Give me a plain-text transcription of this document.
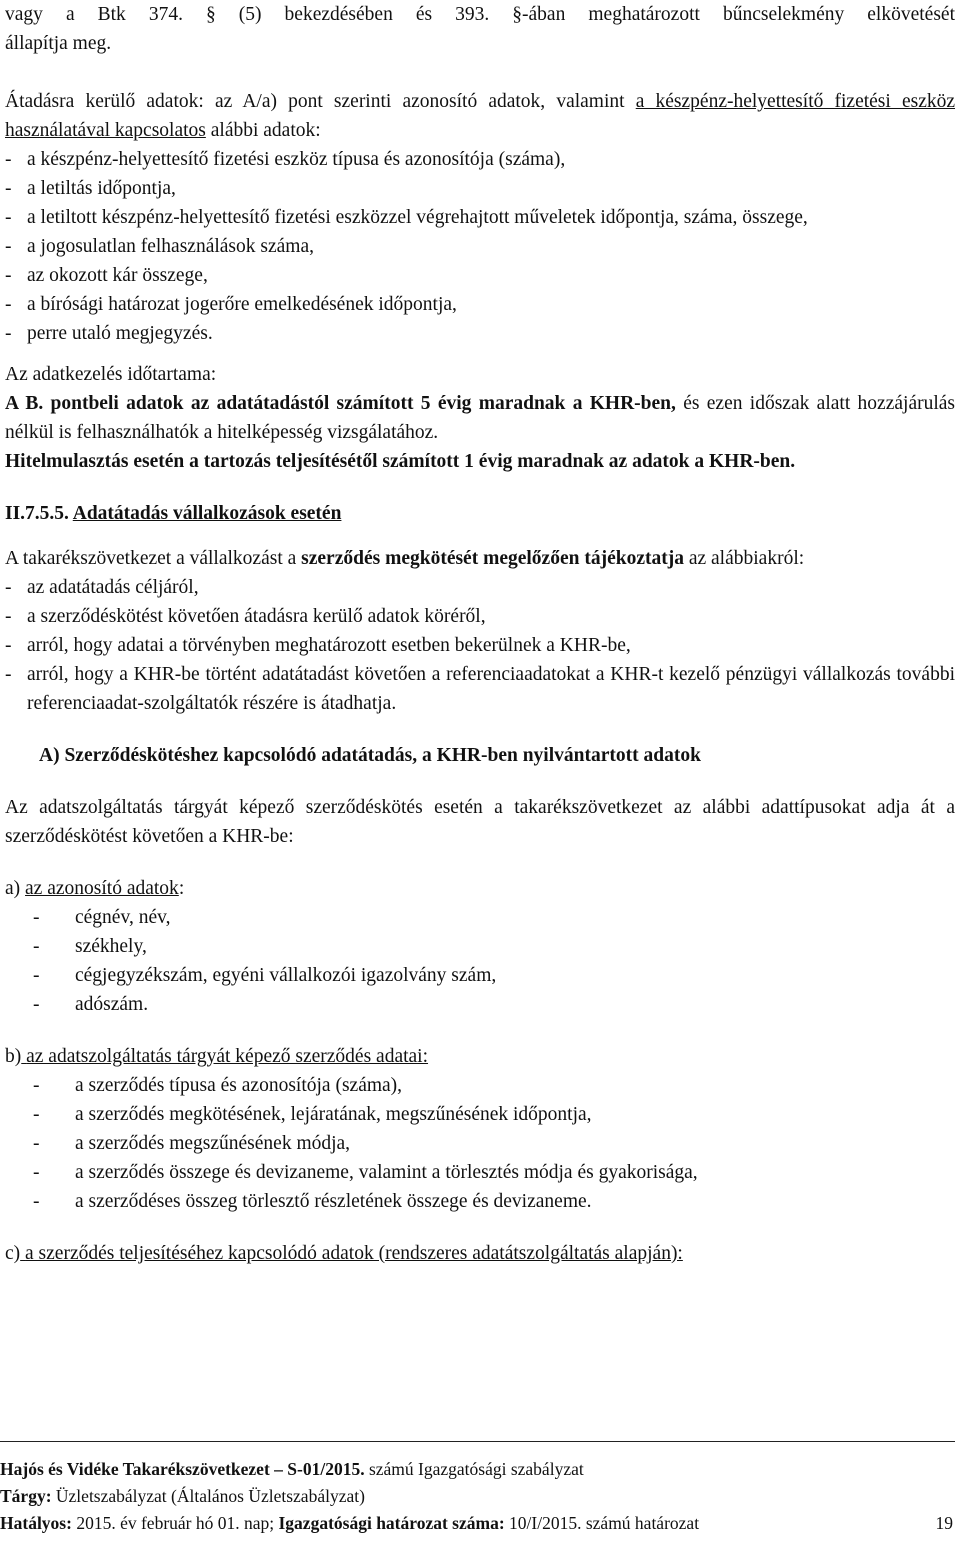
vagy a Btk 374. § (5) bekezdésében és 393. §-ában meghatározott bűncselekmény elkövetését

állapítja meg.

Átadásra kerülő adatok: az A/a) pont szerinti azonosító adatok, valamint a készpénz-helyettesítő fizetési eszköz használatával kapcsolatos alábbi adatok:

- a készpénz-helyettesítő fizetési eszköz típusa és azonosítója (száma),
- a letiltás időpontja,
- a letiltott készpénz-helyettesítő fizetési eszközzel végrehajtott műveletek időpontja, száma, összege,
- a jogosulatlan felhasználások száma,
- az okozott kár összege,
- a bírósági határozat jogerőre emelkedésének időpontja,
- perre utaló megjegyzés.

Az adatkezelés időtartama:

A B. pontbeli adatok az adatátadástól számított 5 évig maradnak a KHR-ben, és ezen időszak alatt hozzájárulás nélkül is felhasználhatók a hitelképesség vizsgálatához.

Hitelmulasztás esetén a tartozás teljesítésétől számított 1 évig maradnak az adatok a KHR-ben.

II.7.5.5. Adatátadás vállalkozások esetén

A takarékszövetkezet a vállalkozást a szerződés megkötését megelőzően tájékoztatja az alábbiakról:

- az adatátadás céljáról,
- a szerződéskötést követően átadásra kerülő adatok köréről,
- arról, hogy adatai a törvényben meghatározott esetben bekerülnek a KHR-be,
- arról, hogy a KHR-be történt adatátadást követően a referenciaadatokat a KHR-t kezelő pénzügyi vállalkozás további referenciaadat-szolgáltatók részére is átadhatja.

A) Szerződéskötéshez kapcsolódó adatátadás, a KHR-ben nyilvántartott adatok

Az adatszolgáltatás tárgyát képező szerződéskötés esetén a takarékszövetkezet az alábbi adattípusokat adja át a szerződéskötést követően a KHR-be:

a) az azonosító adatok:

-	cégnév, név,
-	székhely,
-	cégjegyzékszám, egyéni vállalkozói igazolvány szám,
-	adószám.

b) az adatszolgáltatás tárgyát képező szerződés adatai:

-	a szerződés típusa és azonosítója (száma),
-	a szerződés megkötésének, lejáratának, megszűnésének időpontja,
-	a szerződés megszűnésének módja,
-	a szerződés összege és devizaneme, valamint a törlesztés módja és gyakorisága,
-	a szerződéses összeg törlesztő részletének összege és devizaneme.

c) a szerződés teljesítéséhez kapcsolódó adatok (rendszeres adatátszolgáltatás alapján):

Hajós és Vidéke Takarékszövetkezet – S-01/2015. számú Igazgatósági szabályzat
Tárgy: Üzletszabályzat (Általános Üzletszabályzat)
Hatályos: 2015. év február hó 01. nap; Igazgatósági határozat száma: 10/I/2015. számú határozat	19
